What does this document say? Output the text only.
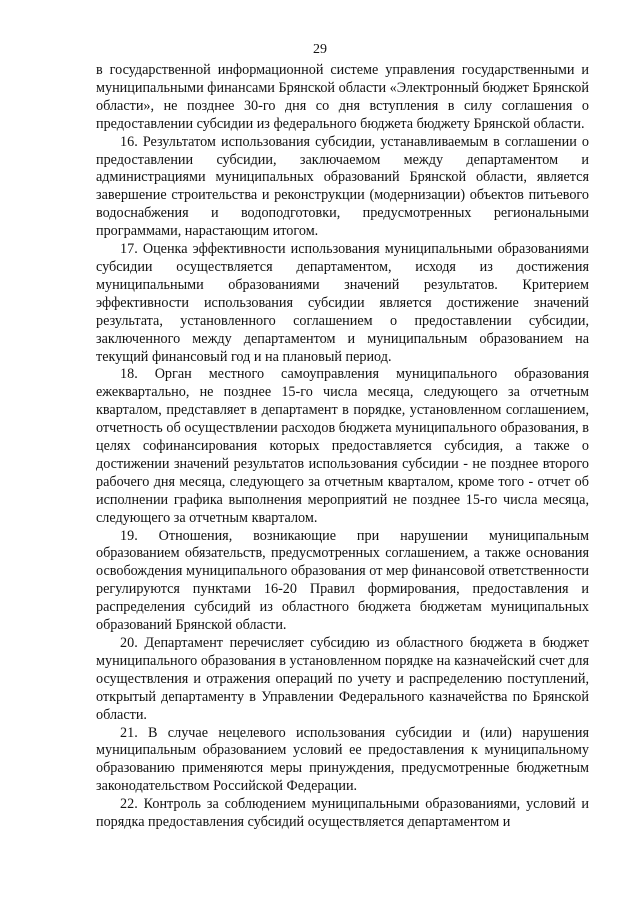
29

в государственной информационной системе управления государственными и муниципальными финансами Брянской области «Электронный бюджет Брянской области», не позднее 30-го дня со дня вступления в силу соглашения о предоставлении субсидии из федерального бюджета бюджету Брянской области.

16. Результатом использования субсидии, устанавливаемым в соглашении о предоставлении субсидии, заключаемом между департаментом и администрациями муниципальных образований Брянской области, является завершение строительства и реконструкции (модернизации) объектов питьевого водоснабжения и водоподготовки, предусмотренных региональными программами, нарастающим итогом.

17. Оценка эффективности использования муниципальными образованиями субсидии осуществляется департаментом, исходя из достижения муниципальными образованиями значений результатов. Критерием эффективности использования субсидии является достижение значений результата, установленного соглашением о предоставлении субсидии, заключенного между департаментом и муниципальным образованием на текущий финансовый год и на плановый период.

18. Орган местного самоуправления муниципального образования ежеквартально, не позднее 15-го числа месяца, следующего за отчетным кварталом, представляет в департамент в порядке, установленном соглашением, отчетность об осуществлении расходов бюджета муниципального образования, в целях софинансирования которых предоставляется субсидия, а также о достижении значений результатов использования субсидии - не позднее второго рабочего дня месяца, следующего за отчетным кварталом, кроме того - отчет об исполнении графика выполнения мероприятий не позднее 15-го числа месяца, следующего за отчетным кварталом.

19. Отношения, возникающие при нарушении муниципальным образованием обязательств, предусмотренных соглашением, а также основания освобождения муниципального образования от мер финансовой ответственности регулируются пунктами 16-20 Правил формирования, предоставления и распределения субсидий из областного бюджета бюджетам муниципальных образований Брянской области.

20. Департамент перечисляет субсидию из областного бюджета в бюджет муниципального образования в установленном порядке на казначейский счет для осуществления и отражения операций по учету и распределению поступлений, открытый департаменту в Управлении Федерального казначейства по Брянской области.

21. В случае нецелевого использования субсидии и (или) нарушения муниципальным образованием условий ее предоставления к муниципальному образованию применяются меры принуждения, предусмотренные бюджетным законодательством Российской Федерации.

22. Контроль за соблюдением муниципальными образованиями, условий и порядка предоставления субсидий осуществляется департаментом и
